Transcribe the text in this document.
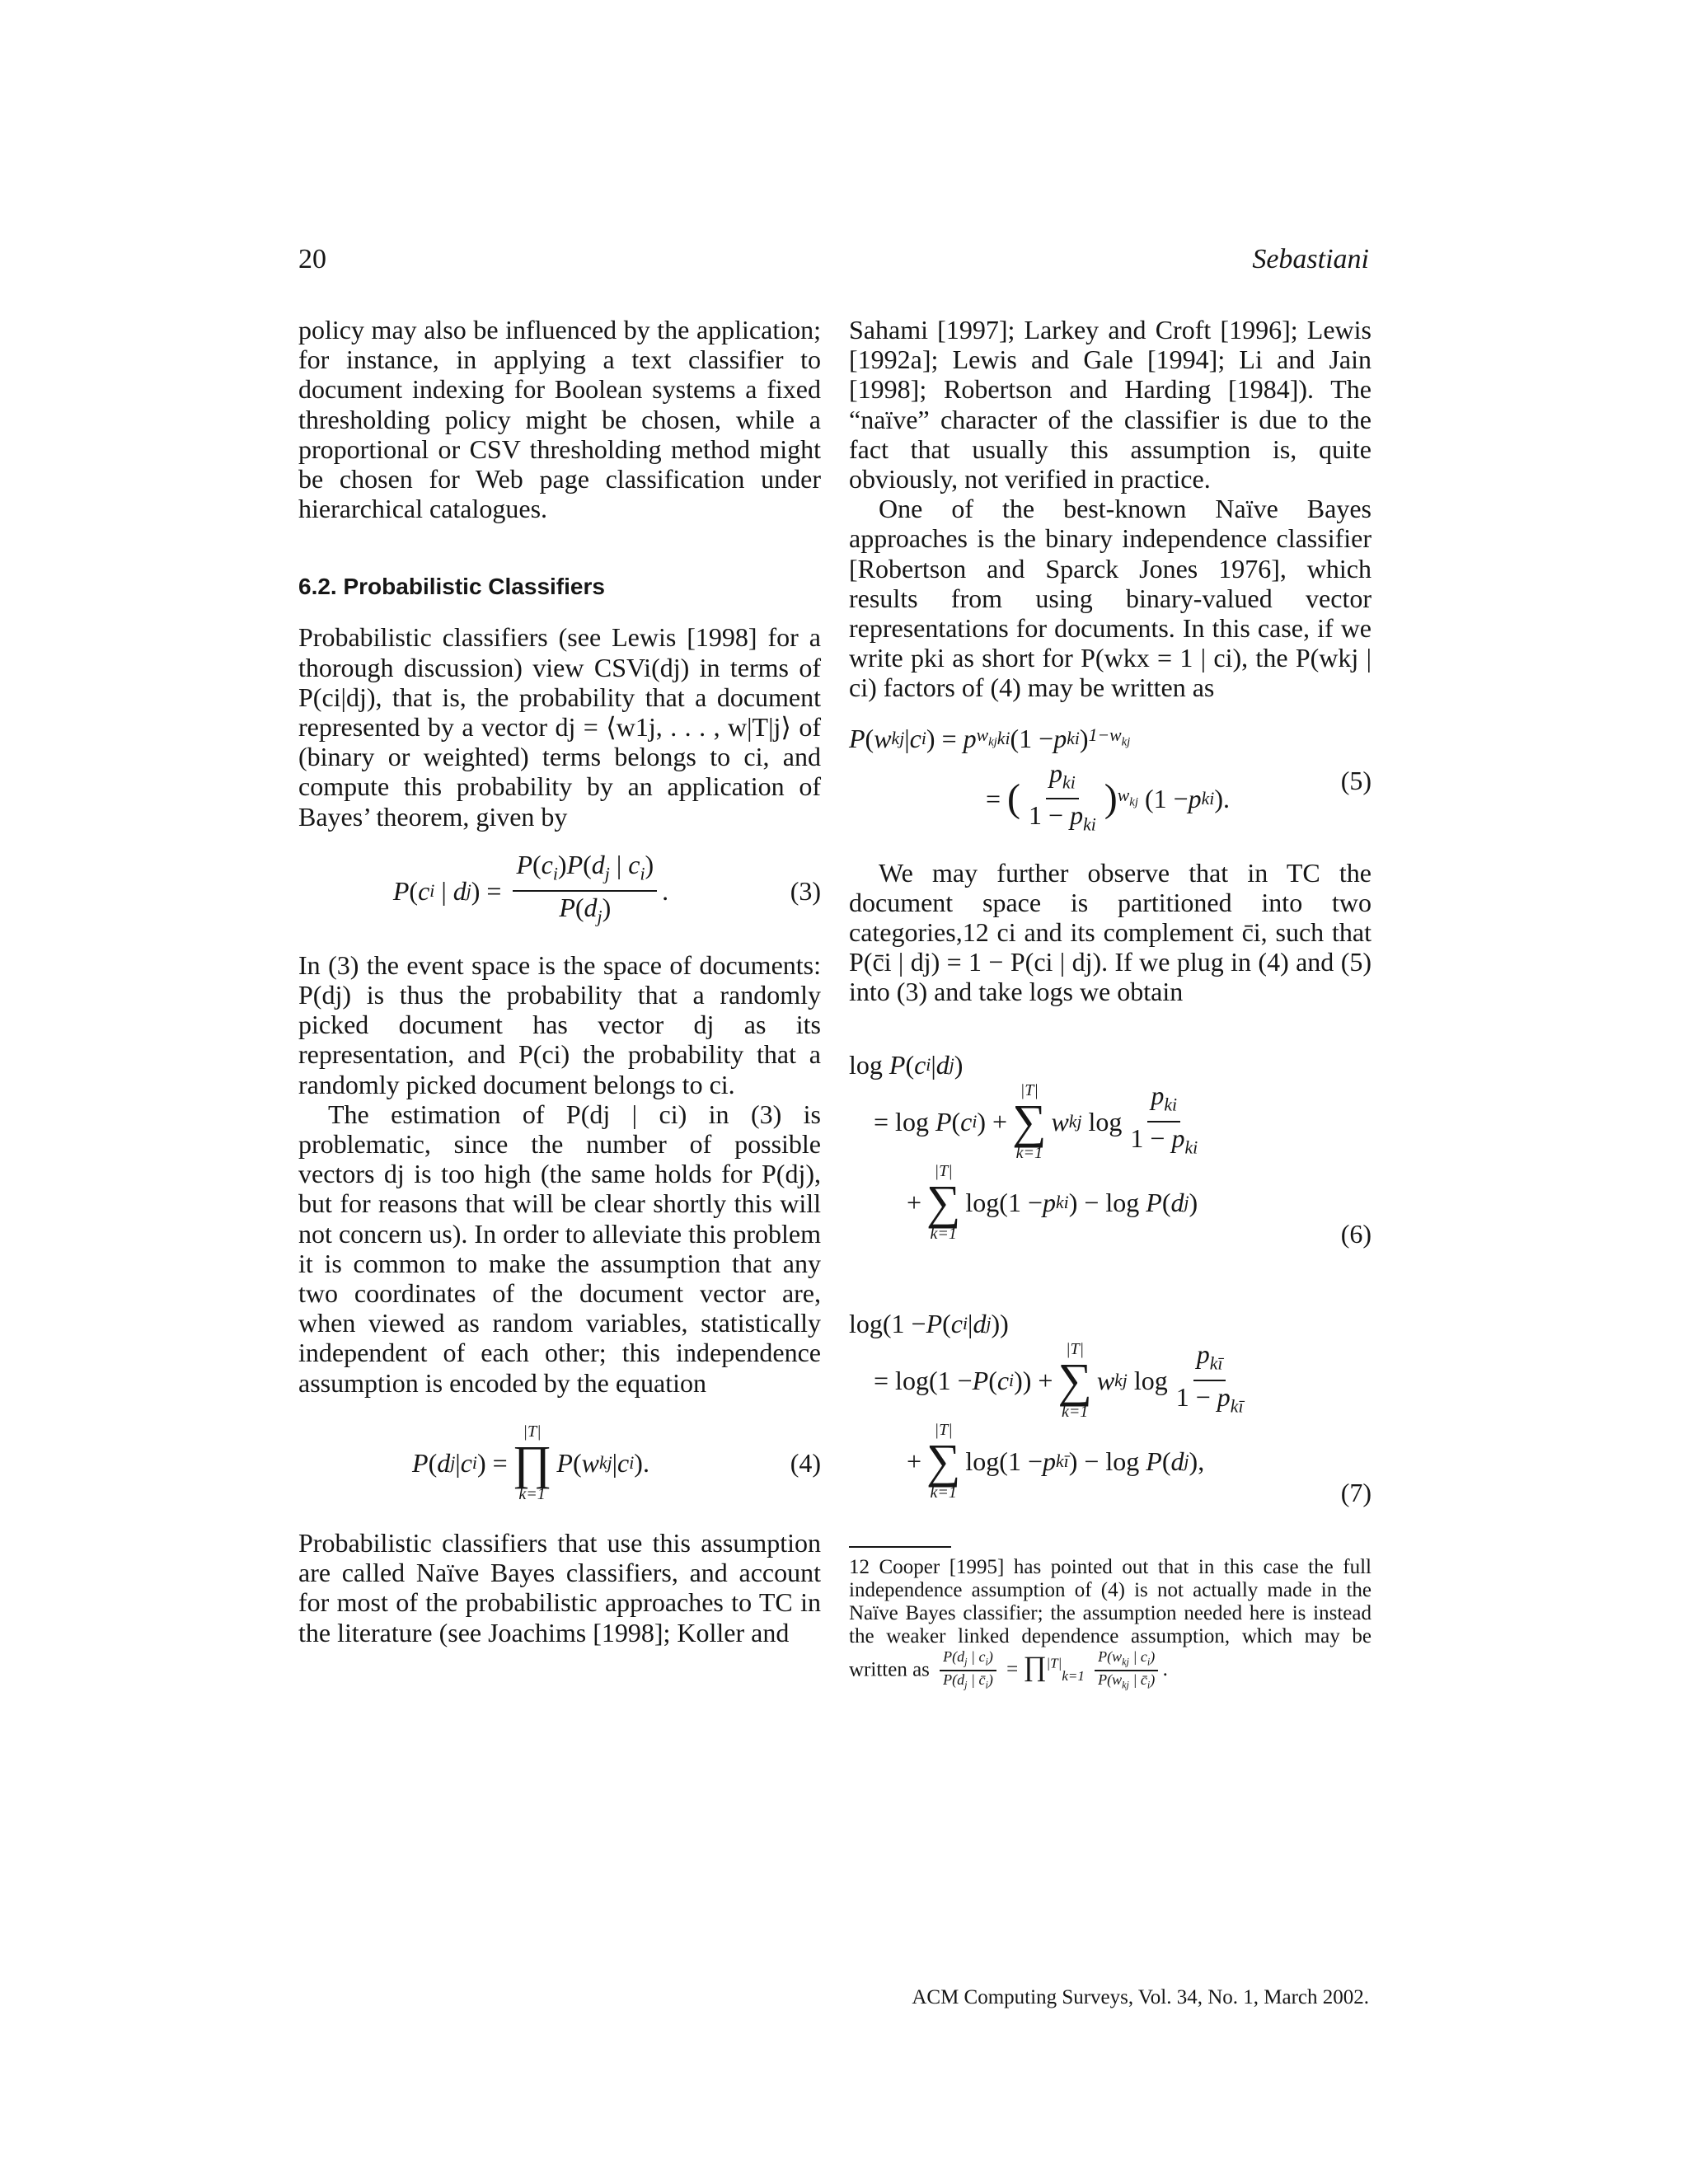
20	Sebastiani

policy may also be influenced by the application; for instance, in applying a text classifier to document indexing for Boolean systems a fixed thresholding policy might be chosen, while a proportional or CSV thresholding method might be chosen for Web page classification under hierarchical catalogues.

6.2. Probabilistic Classifiers

Probabilistic classifiers (see Lewis [1998] for a thorough discussion) view CSVi(dj) in terms of P(ci|dj), that is, the probability that a document represented by a vector dj = ⟨w1j, . . . , w|T|j⟩ of (binary or weighted) terms belongs to ci, and compute this probability by an application of Bayes’ theorem, given by

P ( c i
| d j )
=
$\frac{P(c_i)P(d_j | c_i)}{P(d_j)}$ .	(3)

In (3) the event space is the space of documents: P(dj) is thus the probability that a randomly picked document has vector dj as its representation, and P(ci) the probability that a randomly picked document belongs to ci.

The estimation of P(dj | ci) in (3) is problematic, since the number of possible vectors dj is too high (the same holds for P(dj), but for reasons that will be clear shortly this will not concern us). In order to alleviate this problem it is common to make the assumption that any two coordinates of the document vector are, when viewed as random variables, statistically independent of each other; this independence assumption is encoded by the equation

P ( d j | c i )
=
|T|
∏
k=1
P ( w kj | c i ).	(4)

Probabilistic classifiers that use this assumption are called Naïve Bayes classifiers, and account for most of the probabilistic approaches to TC in the literature (see Joachims [1998]; Koller and

Sahami [1997]; Larkey and Croft [1996]; Lewis [1992a]; Lewis and Gale [1994]; Li and Jain [1998]; Robertson and Harding [1984]). The “naïve” character of the classifier is due to the fact that usually this assumption is, quite obviously, not verified in practice.

One of the best-known Naïve Bayes approaches is the binary independence classifier [Robertson and Sparck Jones 1976], which results from using binary-valued vector representations for documents. In this case, if we write pki as short for P(wkx = 1 | ci), the P(wkj | ci) factors of (4) may be written as

P ( w kj | c i )
= p $w_{kj}$ ki (1 − p ki ) $1-w_{kj}$
=
( $\frac{p_{ki}}{1 - p_{ki}}$ ) $w_{kj}$
(1 − p ki ).
(5)

We may further observe that in TC the document space is partitioned into two categories,12 ci and its complement c̄i, such that P(c̄i | dj) = 1 − P(ci | dj). If we plug in (4) and (5) into (3) and take logs we obtain

log P ( c i | d j )
= log P ( c i ) +
|T|
∑
k=1
w kj
$\log \frac{p_{ki}}{1 - p_{ki}}$
+
|T|
∑
k=1
log(1 − p ki ) − log P ( d j )
(6)
log(1 − P ( c i | d j ))
= log(1 − P ( c i )) +
|T|
∑
k=1
w kj
$\log \frac{p_{kī}}{1 - p_{kī}}$
+
|T|
∑
k=1
log(1 − p kī ) − log P ( d j ),
(7)
12 Cooper [1995] has pointed out that in this case the full independence assumption of (4) is not actually made in the Naïve Bayes classifier; the assumption needed here is instead the weaker linked dependence assumption, which may be written as $\frac{P(d_j | c_i)}{P(d_j | c̄_i)}$ = ∏$^{|T|}_{k=1}$ $\frac{P(w_{kj} | c_i)}{P(w_{kj} | c̄_i)}$ .
ACM Computing Surveys, Vol. 34, No. 1, March 2002.
